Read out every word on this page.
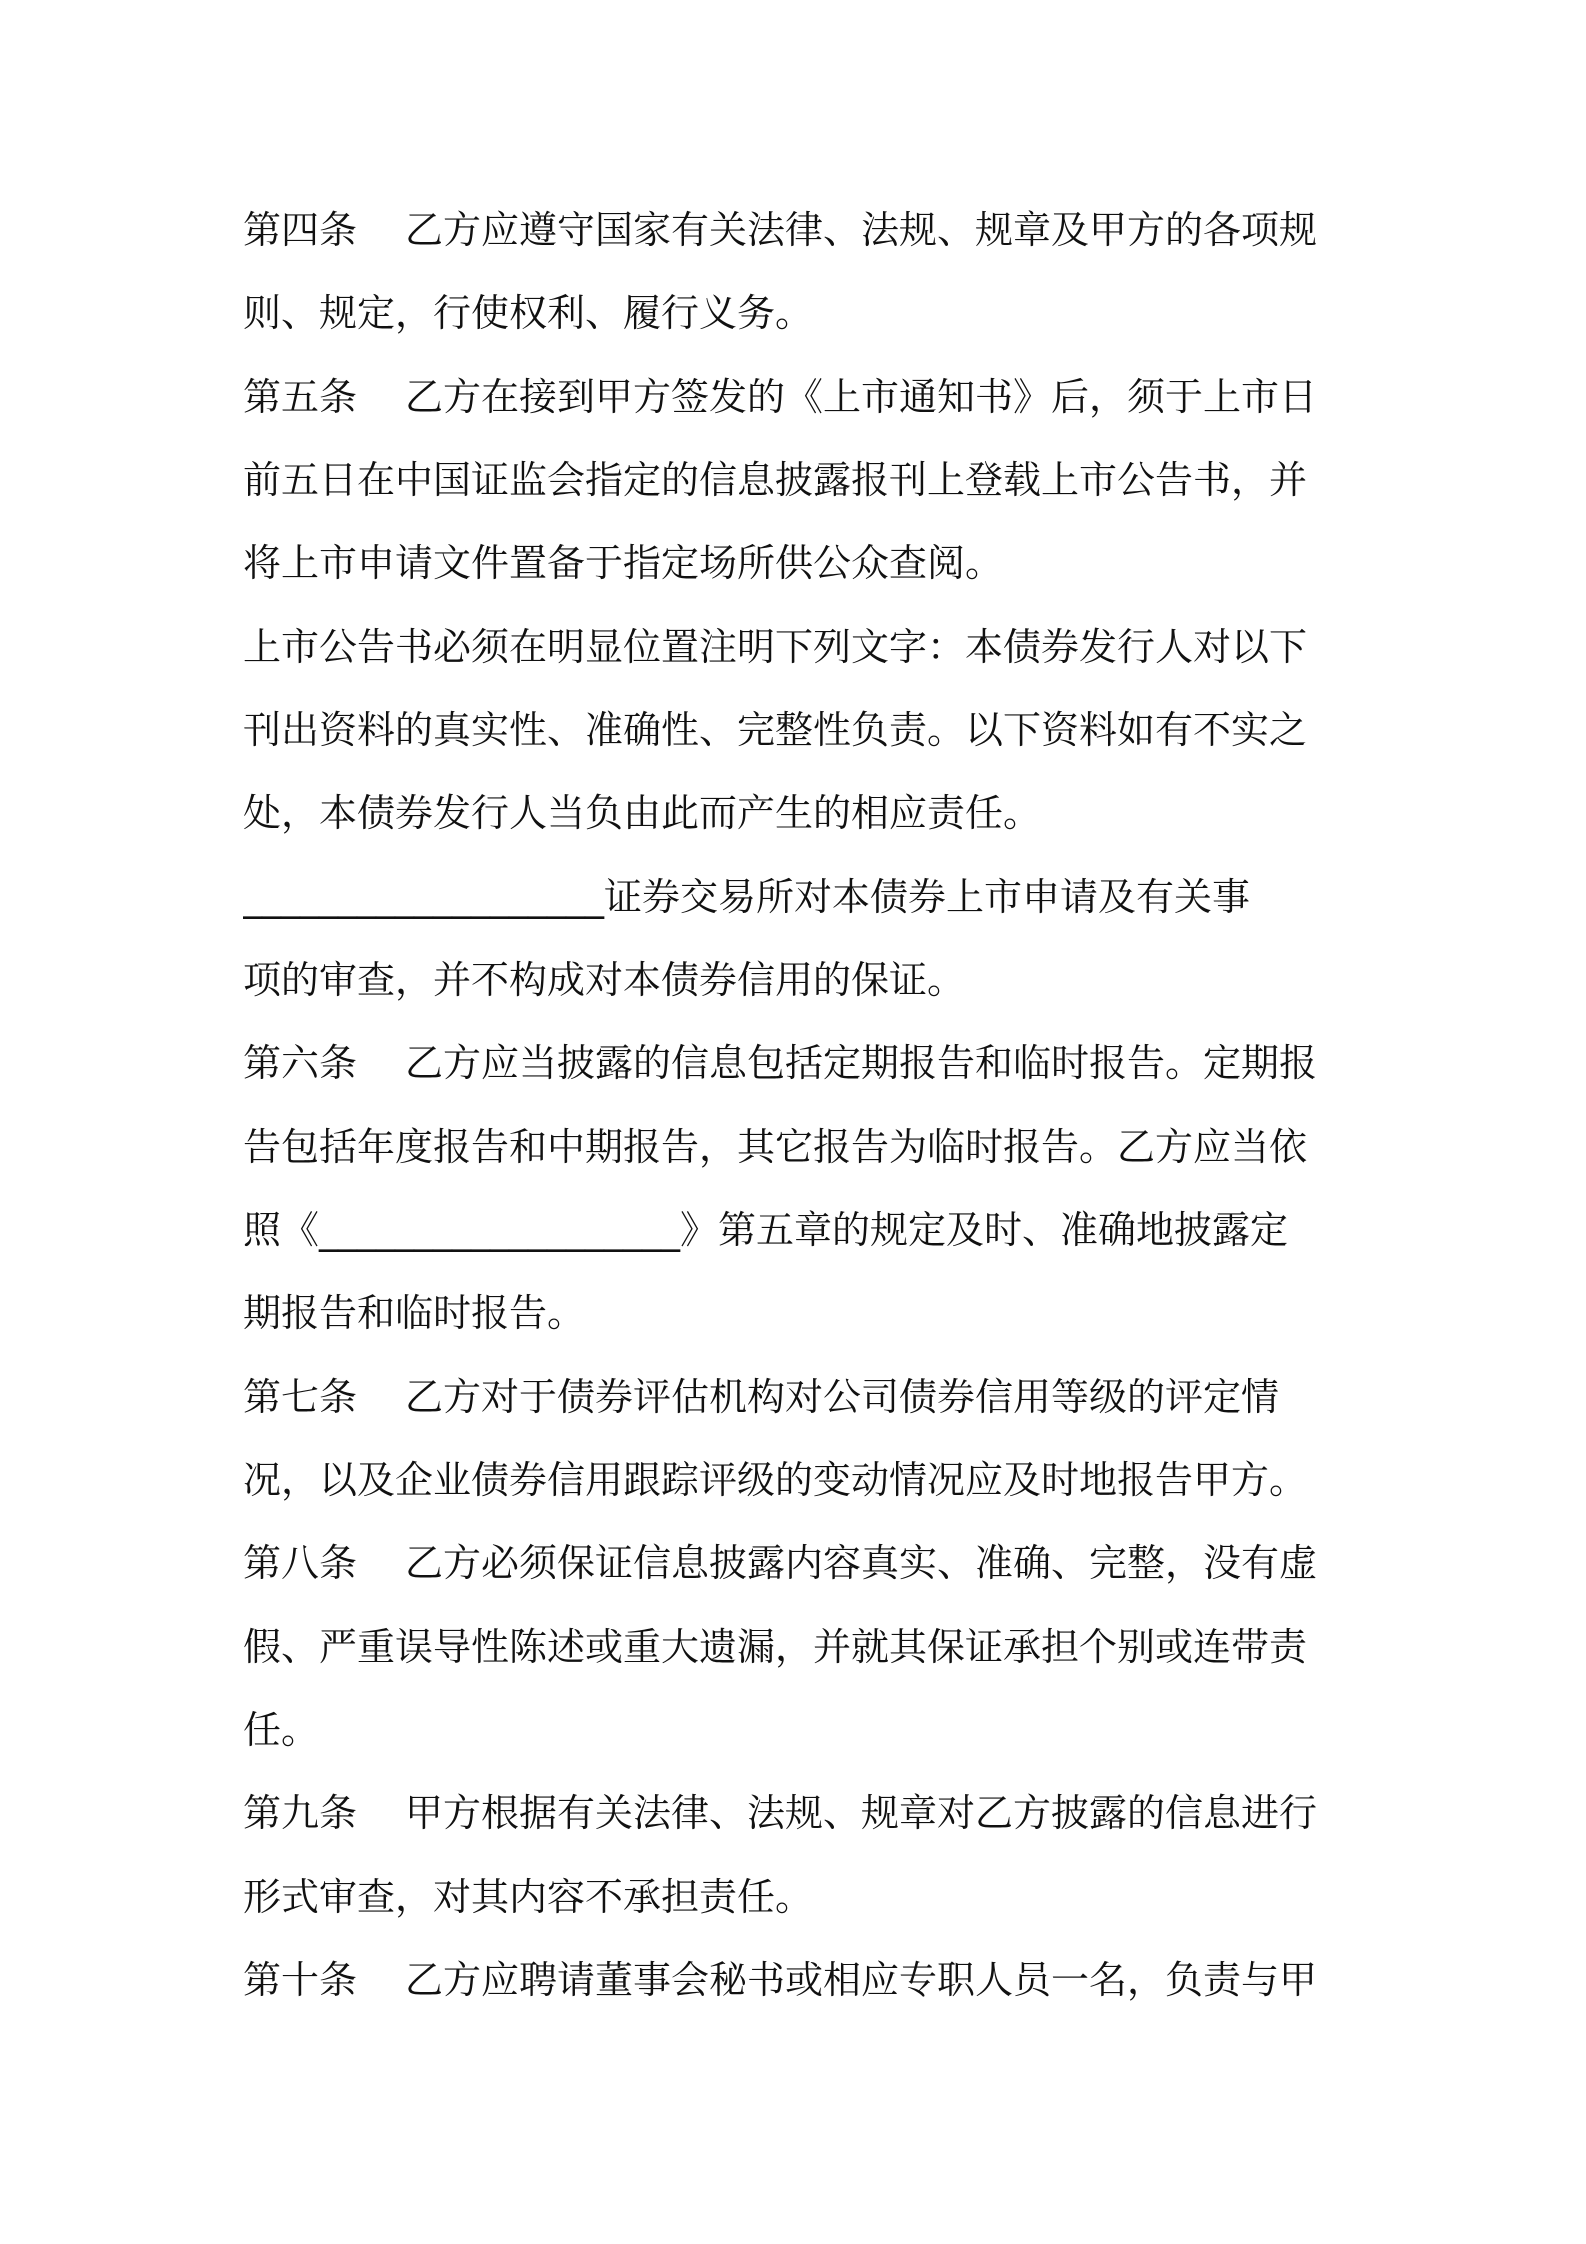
第四条 乙方应遵守国家有关法律、法规、规章及甲方的各项规
则、规定，行使权利、履行义务。
第五条 乙方在接到甲方签发的《上市通知书》后，须于上市日
前五日在中国证监会指定的信息披露报刊上登载上市公告书，并
将上市申请文件置备于指定场所供公众查阅。
上市公告书必须在明显位置注明下列文字：本债券发行人对以下
刊出资料的真实性、准确性、完整性负责。以下资料如有不实之
处，本债券发行人当负由此而产生的相应责任。
___________________证券交易所对本债券上市申请及有关事
项的审查，并不构成对本债券信用的保证。
第六条 乙方应当披露的信息包括定期报告和临时报告。定期报
告包括年度报告和中期报告，其它报告为临时报告。乙方应当依
照《___________________》第五章的规定及时、准确地披露定
期报告和临时报告。
第七条 乙方对于债券评估机构对公司债券信用等级的评定情
况，以及企业债券信用跟踪评级的变动情况应及时地报告甲方。
第八条 乙方必须保证信息披露内容真实、准确、完整，没有虚
假、严重误导性陈述或重大遗漏，并就其保证承担个别或连带责
任。
第九条 甲方根据有关法律、法规、规章对乙方披露的信息进行
形式审查，对其内容不承担责任。
第十条 乙方应聘请董事会秘书或相应专职人员一名，负责与甲
